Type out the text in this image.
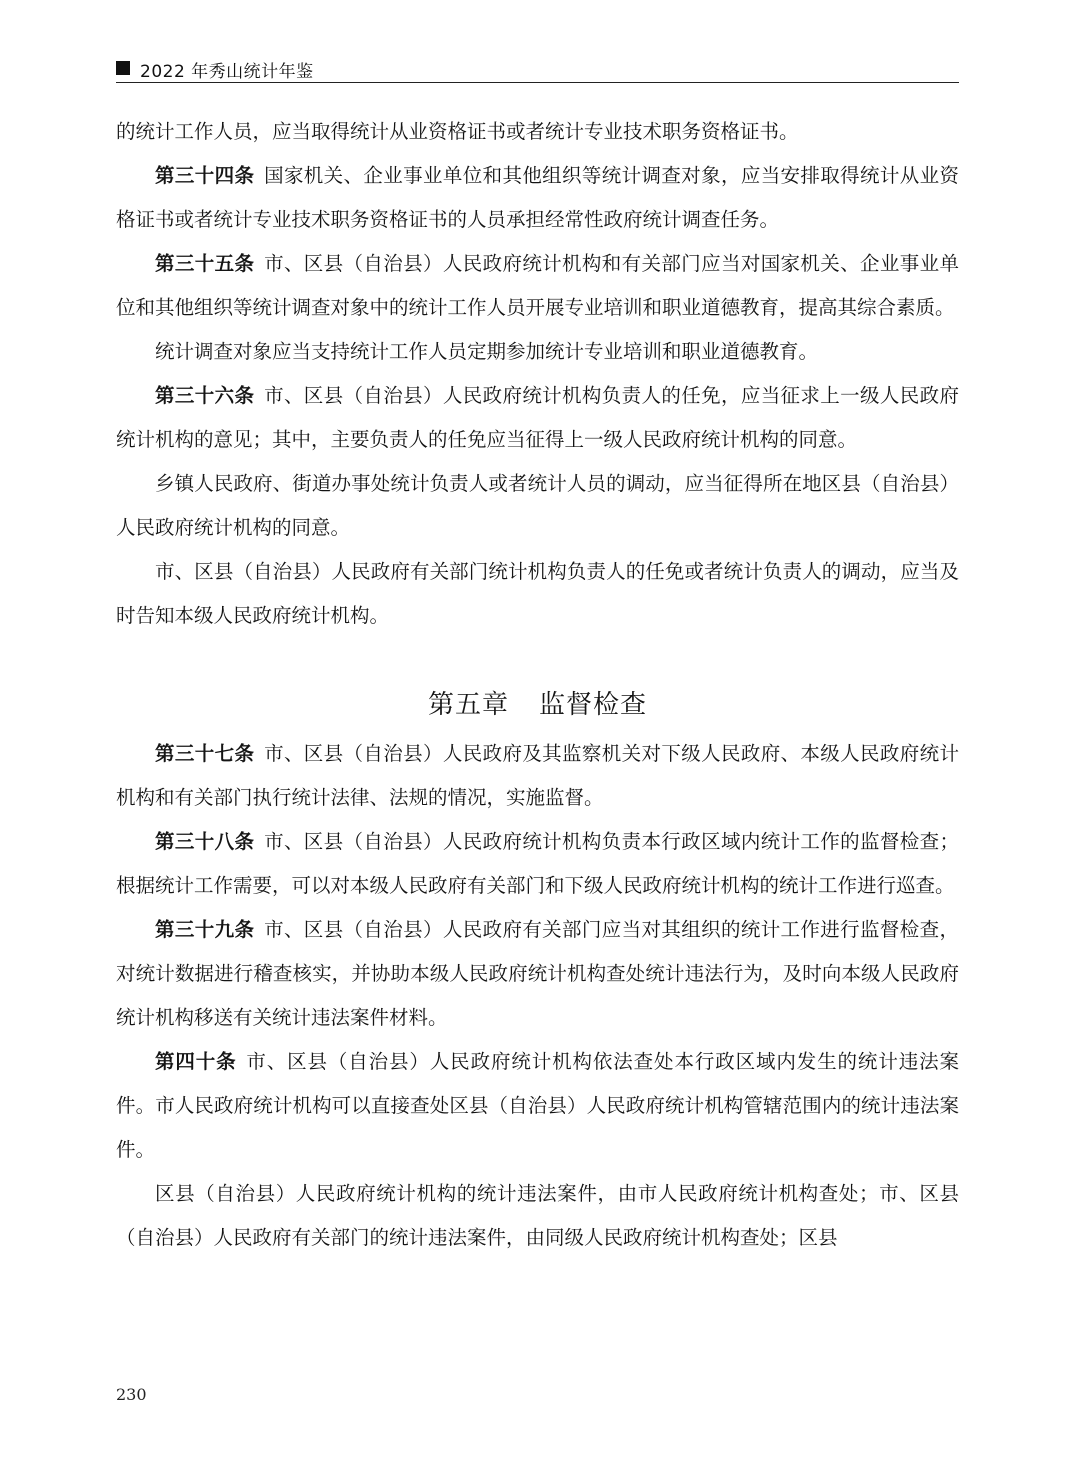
2022 年秀山统计年鉴

的统计工作人员，应当取得统计从业资格证书或者统计专业技术职务资格证书。

第三十四条 国家机关、企业事业单位和其他组织等统计调查对象，应当安排取得统计从业资格证书或者统计专业技术职务资格证书的人员承担经常性政府统计调查任务。

第三十五条 市、区县（自治县）人民政府统计机构和有关部门应当对国家机关、企业事业单位和其他组织等统计调查对象中的统计工作人员开展专业培训和职业道德教育，提高其综合素质。

统计调查对象应当支持统计工作人员定期参加统计专业培训和职业道德教育。

第三十六条 市、区县（自治县）人民政府统计机构负责人的任免，应当征求上一级人民政府统计机构的意见；其中，主要负责人的任免应当征得上一级人民政府统计机构的同意。

乡镇人民政府、街道办事处统计负责人或者统计人员的调动，应当征得所在地区县（自治县）人民政府统计机构的同意。

市、区县（自治县）人民政府有关部门统计机构负责人的任免或者统计负责人的调动，应当及时告知本级人民政府统计机构。

第五章 监督检查

第三十七条 市、区县（自治县）人民政府及其监察机关对下级人民政府、本级人民政府统计机构和有关部门执行统计法律、法规的情况，实施监督。

第三十八条 市、区县（自治县）人民政府统计机构负责本行政区域内统计工作的监督检查；根据统计工作需要，可以对本级人民政府有关部门和下级人民政府统计机构的统计工作进行巡查。

第三十九条 市、区县（自治县）人民政府有关部门应当对其组织的统计工作进行监督检查，对统计数据进行稽查核实，并协助本级人民政府统计机构查处统计违法行为，及时向本级人民政府统计机构移送有关统计违法案件材料。

第四十条 市、区县（自治县）人民政府统计机构依法查处本行政区域内发生的统计违法案件。市人民政府统计机构可以直接查处区县（自治县）人民政府统计机构管辖范围内的统计违法案件。

区县（自治县）人民政府统计机构的统计违法案件，由市人民政府统计机构查处；市、区县（自治县）人民政府有关部门的统计违法案件，由同级人民政府统计机构查处；区县

230
